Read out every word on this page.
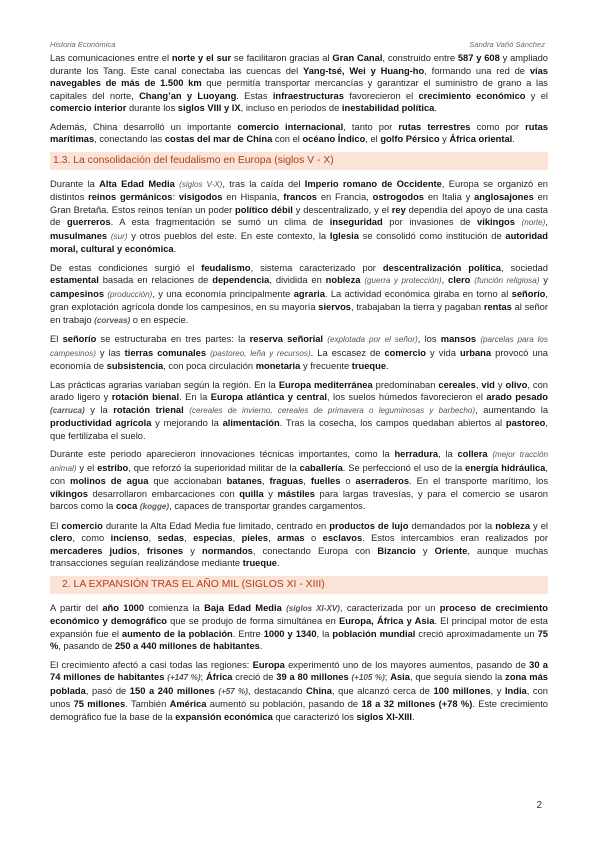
Historia Económica	Sandra Vañó Sánchez

Las comunicaciones entre el norte y el sur se facilitaron gracias al Gran Canal, construido entre 587 y 608 y ampliado durante los Tang. Este canal conectaba las cuencas del Yang-tsé, Wei y Huang-ho, formando una red de vías navegables de más de 1.500 km que permitía transportar mercancías y garantizar el suministro de grano a las capitales del norte, Chang’an y Luoyang. Estas infraestructuras favorecieron el crecimiento económico y el comercio interior durante los siglos VIII y IX, incluso en periodos de inestabilidad política.

Además, China desarrolló un importante comercio internacional, tanto por rutas terrestres como por rutas marítimas, conectando las costas del mar de China con el océano Índico, el golfo Pérsico y África oriental.

1.3. La consolidación del feudalismo en Europa (siglos V - X)

Durante la Alta Edad Media (siglos V-X), tras la caída del Imperio romano de Occidente, Europa se organizó en distintos reinos germánicos: visigodos en Hispania, francos en Francia, ostrogodos en Italia y anglosajones en Gran Bretaña. Estos reinos tenían un poder político débil y descentralizado, y el rey dependía del apoyo de una casta de guerreros. A esta fragmentación se sumó un clima de inseguridad por invasiones de vikingos (norte), musulmanes (sur) y otros pueblos del este. En este contexto, la Iglesia se consolidó como institución de autoridad moral, cultural y económica.

De estas condiciones surgió el feudalismo, sistema caracterizado por descentralización política, sociedad estamental basada en relaciones de dependencia, dividida en nobleza (guerra y protección), clero (función religiosa) y campesinos (producción), y una economía principalmente agraria. La actividad económica giraba en torno al señorío, gran explotación agrícola donde los campesinos, en su mayoría siervos, trabajaban la tierra y pagaban rentas al señor en trabajo (corveas) o en especie.

El señorío se estructuraba en tres partes: la reserva señorial (explotada por el señor), los mansos (parcelas para los campesinos) y las tierras comunales (pastoreo, leña y recursos). La escasez de comercio y vida urbana provocó una economía de subsistencia, con poca circulación monetaria y frecuente trueque.

Las prácticas agrarias variaban según la región. En la Europa mediterránea predominaban cereales, vid y olivo, con arado ligero y rotación bienal. En la Europa atlántica y central, los suelos húmedos favorecieron el arado pesado (carruca) y la rotación trienal (cereales de invierno, cereales de primavera o leguminosas y barbecho), aumentando la productividad agrícola y mejorando la alimentación. Tras la cosecha, los campos quedaban abiertos al pastoreo, que fertilizaba el suelo.

Durante este periodo aparecieron innovaciones técnicas importantes, como la herradura, la collera (mejor tracción animal) y el estribo, que reforzó la superioridad militar de la caballería. Se perfeccionó el uso de la energía hidráulica, con molinos de agua que accionaban batanes, fraguas, fuelles o aserraderos. En el transporte marítimo, los vikingos desarrollaron embarcaciones con quilla y mástiles para largas travesías, y para el comercio se usaron barcos como la coca (kogge), capaces de transportar grandes cargamentos.

El comercio durante la Alta Edad Media fue limitado, centrado en productos de lujo demandados por la nobleza y el clero, como incienso, sedas, especias, pieles, armas o esclavos. Estos intercambios eran realizados por mercaderes judíos, frisones y normandos, conectando Europa con Bizancio y Oriente, aunque muchas transacciones seguían realizándose mediante trueque.

2. LA EXPANSIÓN TRAS EL AÑO MIL (SIGLOS XI - XIII)

A partir del año 1000 comienza la Baja Edad Media (siglos XI-XV), caracterizada por un proceso de crecimiento económico y demográfico que se produjo de forma simultánea en Europa, África y Asia. El principal motor de esta expansión fue el aumento de la población. Entre 1000 y 1340, la población mundial creció aproximadamente un 75 %, pasando de 250 a 440 millones de habitantes.

El crecimiento afectó a casi todas las regiones: Europa experimentó uno de los mayores aumentos, pasando de 30 a 74 millones de habitantes (+147 %); África creció de 39 a 80 millones (+105 %); Asia, que seguía siendo la zona más poblada, pasó de 150 a 240 millones (+57 %), destacando China, que alcanzó cerca de 100 millones, y India, con unos 75 millones. También América aumentó su población, pasando de 18 a 32 millones (+78 %). Este crecimiento demográfico fue la base de la expansión económica que caracterizó los siglos XI-XIII.

2
